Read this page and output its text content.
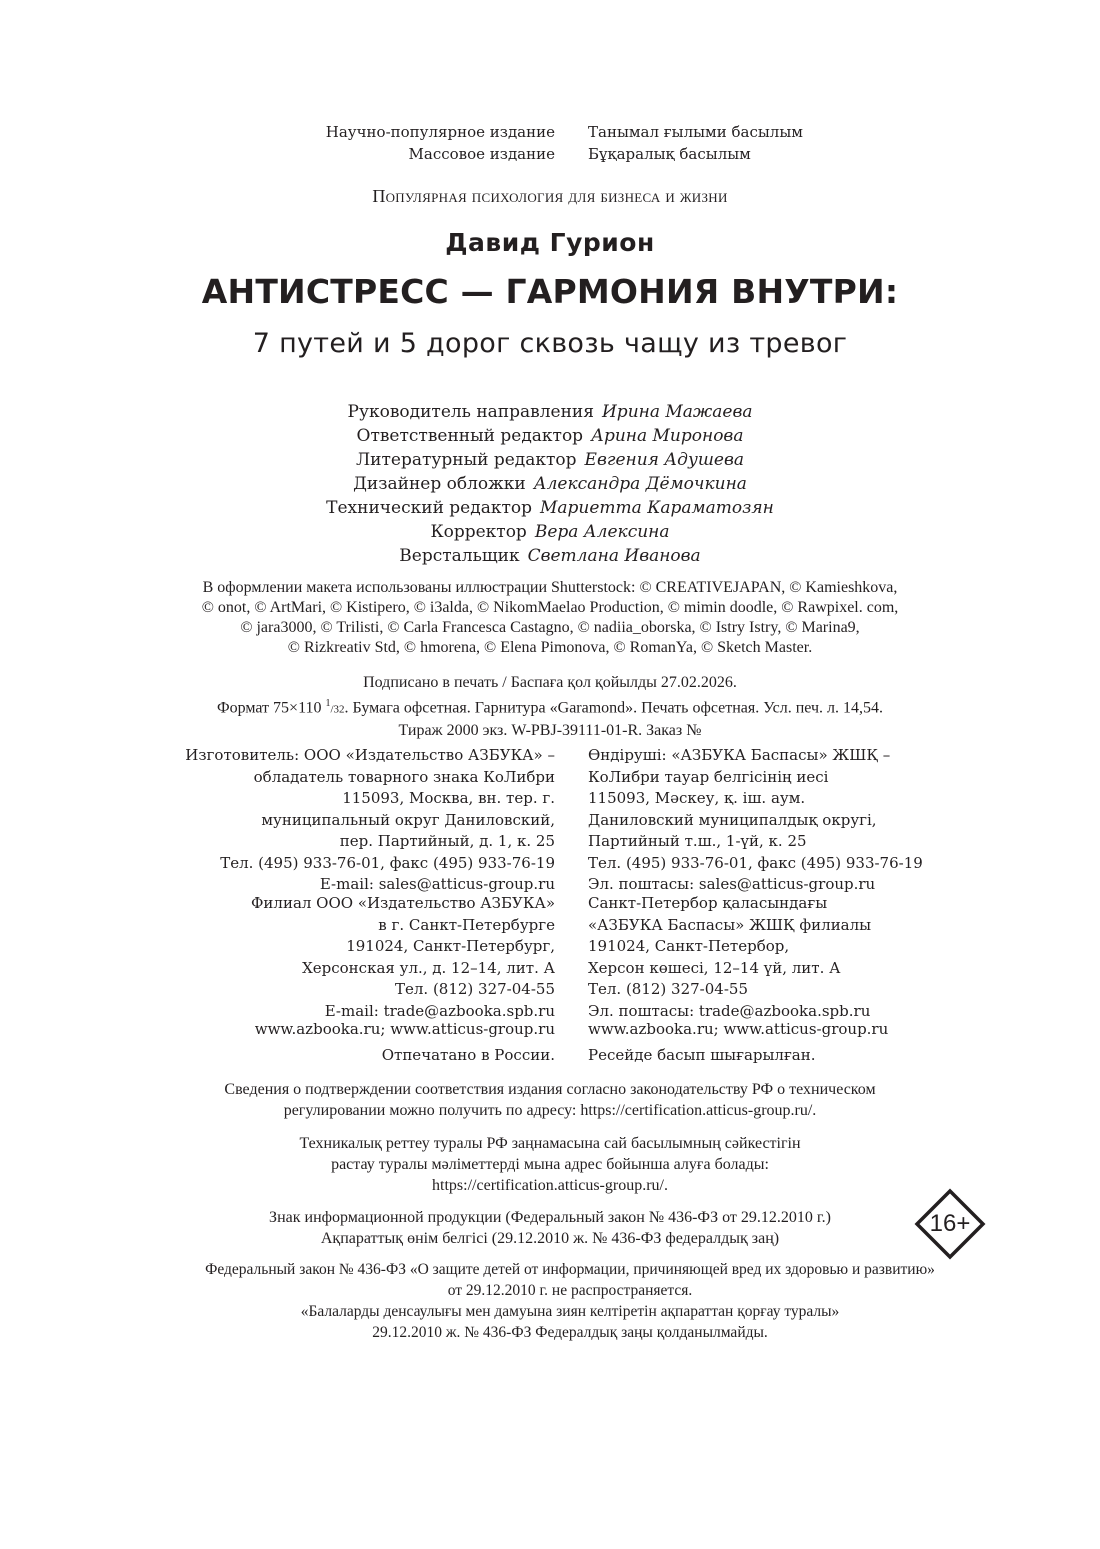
Научно-популярное издание
Массовое издание
Танымал ғылыми басылым
Бұқаралық басылым
Популярная психология для бизнеса и жизни
Давид Гурион
АНТИСТРЕСС — ГАРМОНИЯ ВНУТРИ:
7 путей и 5 дорог сквозь чащу из тревог
Руководитель направления Ирина Мажаева
Ответственный редактор Арина Миронова
Литературный редактор Евгения Адушева
Дизайнер обложки Александра Дёмочкина
Технический редактор Мариетта Караматозян
Корректор Вера Алексина
Верстальщик Светлана Иванова
В оформлении макета использованы иллюстрации Shutterstock: © CREATIVEJAPAN, © Kamieshkova,
© onot, © ArtMari, © Kistipero, © i3alda, © NikomMaelao Production, © mimin doodle, © Rawpixel. com,
© jara3000, © Trilisti, © Carla Francesca Castagno, © nadiia_oborska, © Istry Istry, © Marina9,
© Rizkreativ Std, © hmorena, © Elena Pimonova, © RomanYa, © Sketch Master.
Подписано в печать / Баспаға қол қойылды 27.02.2026.
Формат 75×110 $^1$/32. Бумага офсетная. Гарнитура «Garamond». Печать офсетная. Усл. печ. л. 14,54.
Тираж 2000 экз. W-PBJ-39111-01-R. Заказ №
Изготовитель: ООО «Издательство АЗБУКА» –
обладатель товарного знака КоЛибри
115093, Москва, вн. тер. г.
муниципальный округ Даниловский,
пер. Партийный, д. 1, к. 25
Тел. (495) 933-76-01, факс (495) 933-76-19
E-mail: sales@atticus-group.ru
Өндіруші: «АЗБУКА Баспасы» ЖШҚ –
КоЛибри тауар белгісінің иесі
115093, Мәскеу, қ. іш. аум.
Даниловский муниципалдық округі,
Партийный т.ш., 1-үй, к. 25
Тел. (495) 933-76-01, факс (495) 933-76-19
Эл. поштасы: sales@atticus-group.ru
Филиал ООО «Издательство АЗБУКА»
в г. Санкт-Петербурге
191024, Санкт-Петербург,
Херсонская ул., д. 12–14, лит. А
Тел. (812) 327-04-55
E-mail: trade@azbooka.spb.ru
Санкт-Петербор қаласындағы
«АЗБУКА Баспасы» ЖШҚ филиалы
191024, Санкт-Петербор,
Херсон көшесі, 12–14 үй, лит. А
Тел. (812) 327-04-55
Эл. поштасы: trade@azbooka.spb.ru
www.azbooka.ru; www.atticus-group.ru www.azbooka.ru; www.atticus-group.ru
Отпечатано в России. Ресейде басып шығарылған.
Сведения о подтверждении соответствия издания согласно законодательству РФ о техническом
регулировании можно получить по адресу: https://certification.atticus-group.ru/.
Техникалық реттеу туралы РФ заңнамасына сай басылымның сәйкестігін
растау туралы мәліметтерді мына адрес бойынша алуға болады:
https://certification.atticus-group.ru/.
Знак информационной продукции (Федеральный закон № 436-ФЗ от 29.12.2010 г.)
Ақпараттық өнім белгісі (29.12.2010 ж. № 436-ФЗ федералдық заң)
16+
Федеральный закон № 436-ФЗ «О защите детей от информации, причиняющей вред их здоровью и развитию»
от 29.12.2010 г. не распространяется.
«Балаларды денсаулығы мен дамуына зиян келтіретін ақпараттан қорғау туралы»
29.12.2010 ж. № 436-ФЗ Федералдық заңы қолданылмайды.
